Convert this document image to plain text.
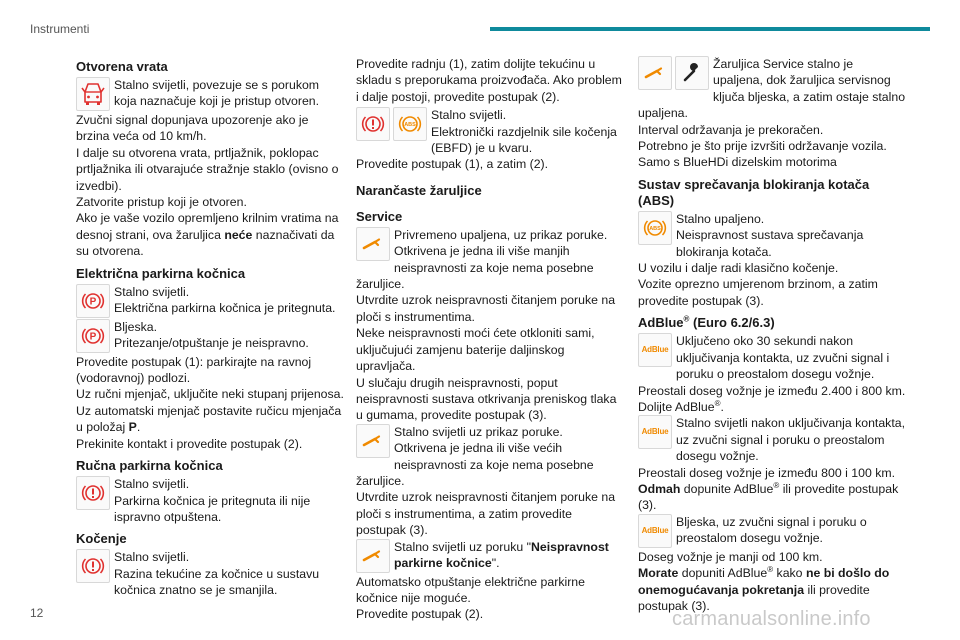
Instrumenti
Otvorena vrata

Stalno svijetli, povezuje se s porukom koja naznačuje koji je pristup otvoren.

Zvučni signal dopunjava upozorenje ako je brzina veća od 10 km/h.

I dalje su otvorena vrata, prtljažnik, poklopac prtljažnika ili otvarajuće stražnje staklo (ovisno o izvedbi).

Zatvorite pristup koji je otvoren.

Ako je vaše vozilo opremljeno krilnim vratima na desnoj strani, ova žaruljica neće naznačivati da su otvorena.

Električna parkirna kočnica
P

Stalno svijetli.

Električna parkirna kočnica je pritegnuta.

P

Bljeska.

Pritezanje/otpuštanje je neispravno.

Provedite postupak (1): parkirajte na ravnoj (vodoravnoj) podlozi.

Uz ručni mjenjač, uključite neki stupanj prijenosa.

Uz automatski mjenjač postavite ručicu mjenjača u položaj P.

Prekinite kontakt i provedite postupak (2).

Ručna parkirna kočnica

Stalno svijetli.

Parkirna kočnica je pritegnuta ili nije ispravno otpuštena.

Kočenje

Stalno svijetli.

Razina tekućine za kočnice u sustavu kočnica znatno se je smanjila.

Provedite radnju (1), zatim dolijte tekućinu u skladu s preporukama proizvođača. Ako problem i dalje postoji, provedite postupak (2).

ABS

Stalno svijetli.

Elektronički razdjelnik sile kočenja (EBFD) je u kvaru.

Provedite postupak (1), a zatim (2).

Narančaste žaruljice
Service

Privremeno upaljena, uz prikaz poruke.

Otkrivena je jedna ili više manjih neispravnosti za koje nema posebne žaruljice.

Utvrdite uzrok neispravnosti čitanjem poruke na ploči s instrumentima.

Neke neispravnosti moći ćete otkloniti sami, uključujući zamjenu baterije daljinskog upravljača.

U slučaju drugih neispravnosti, poput neispravnosti sustava otkrivanja preniskog tlaka u gumama, provedite postupak (3).

Stalno svijetli uz prikaz poruke.

Otkrivena je jedna ili više većih neispravnosti za koje nema posebne žaruljice.

Utvrdite uzrok neispravnosti čitanjem poruke na ploči s instrumentima, a zatim provedite postupak (3).

Stalno svijetli uz poruku "Neispravnost parkirne kočnice".

Automatsko otpuštanje električne parkirne kočnice nije moguće.

Provedite postupak (2).

Žaruljica Service stalno je upaljena, dok žaruljica servisnog ključa bljeska, a zatim ostaje stalno upaljena.

Interval održavanja je prekoračen.

Potrebno je što prije izvršiti održavanje vozila.

Samo s BlueHDi dizelskim motorima

Sustav sprečavanja blokiranja kotača (ABS)
ABS

Stalno upaljeno.

Neispravnost sustava sprečavanja blokiranja kotača.

U vozilu i dalje radi klasično kočenje.

Vozite oprezno umjerenom brzinom, a zatim provedite postupak (3).

AdBlue® (Euro 6.2/6.3)
AdBlue

Uključeno oko 30 sekundi nakon uključivanja kontakta, uz zvučni signal i poruku o preostalom dosegu vožnje.

Preostali doseg vožnje je između 2.400 i 800 km.

Dolijte AdBlue®.

AdBlue

Stalno svijetli nakon uključivanja kontakta, uz zvučni signal i poruku o preostalom dosegu vožnje.

Preostali doseg vožnje je između 800 i 100 km.

Odmah dopunite AdBlue® ili provedite postupak (3).

AdBlue

Bljeska, uz zvučni signal i poruku o preostalom dosegu vožnje.

Doseg vožnje je manji od 100 km.

Morate dopuniti AdBlue® kako ne bi došlo do onemogućavanja pokretanja ili provedite postupak (3).

12	carmanualsonline.info
